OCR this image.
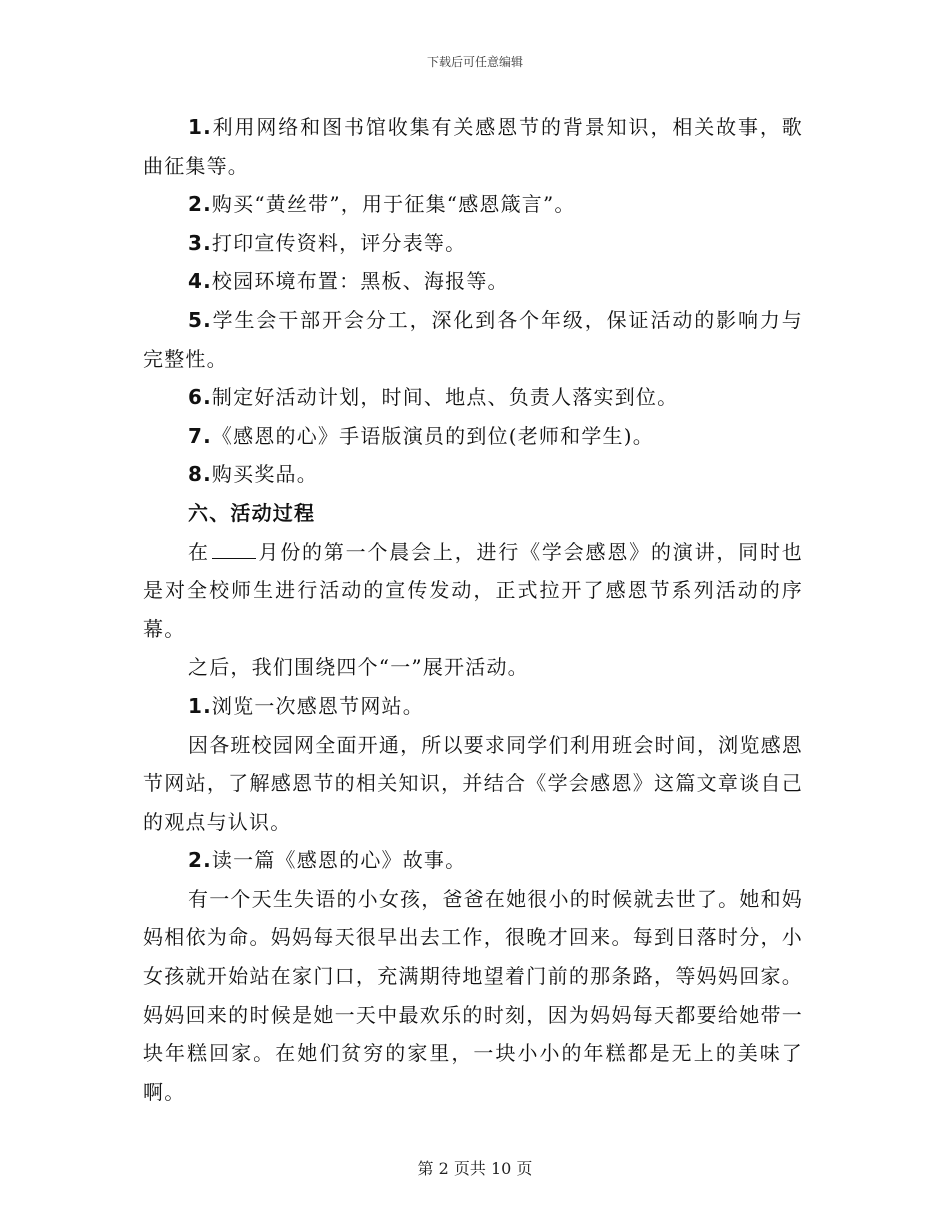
下载后可任意编辑

1.利用网络和图书馆收集有关感恩节的背景知识，相关故事，歌曲征集等。

2.购买“黄丝带”，用于征集“感恩箴言”。

3.打印宣传资料，评分表等。

4.校园环境布置：黑板、海报等。

5.学生会干部开会分工，深化到各个年级，保证活动的影响力与完整性。

6.制定好活动计划，时间、地点、负责人落实到位。

7.《感恩的心》手语版演员的到位(老师和学生)。

8.购买奖品。

六、活动过程

在 月份的第一个晨会上，进行《学会感恩》的演讲，同时也是对全校师生进行活动的宣传发动，正式拉开了感恩节系列活动的序幕。

之后，我们围绕四个“一”展开活动。

1.浏览一次感恩节网站。

因各班校园网全面开通，所以要求同学们利用班会时间，浏览感恩节网站，了解感恩节的相关知识，并结合《学会感恩》这篇文章谈自己的观点与认识。

2.读一篇《感恩的心》故事。

有一个天生失语的小女孩，爸爸在她很小的时候就去世了。她和妈妈相依为命。妈妈每天很早出去工作，很晚才回来。每到日落时分，小女孩就开始站在家门口，充满期待地望着门前的那条路，等妈妈回家。妈妈回来的时候是她一天中最欢乐的时刻，因为妈妈每天都要给她带一块年糕回家。在她们贫穷的家里，一块小小的年糕都是无上的美味了啊。

第 2 页共 10 页
